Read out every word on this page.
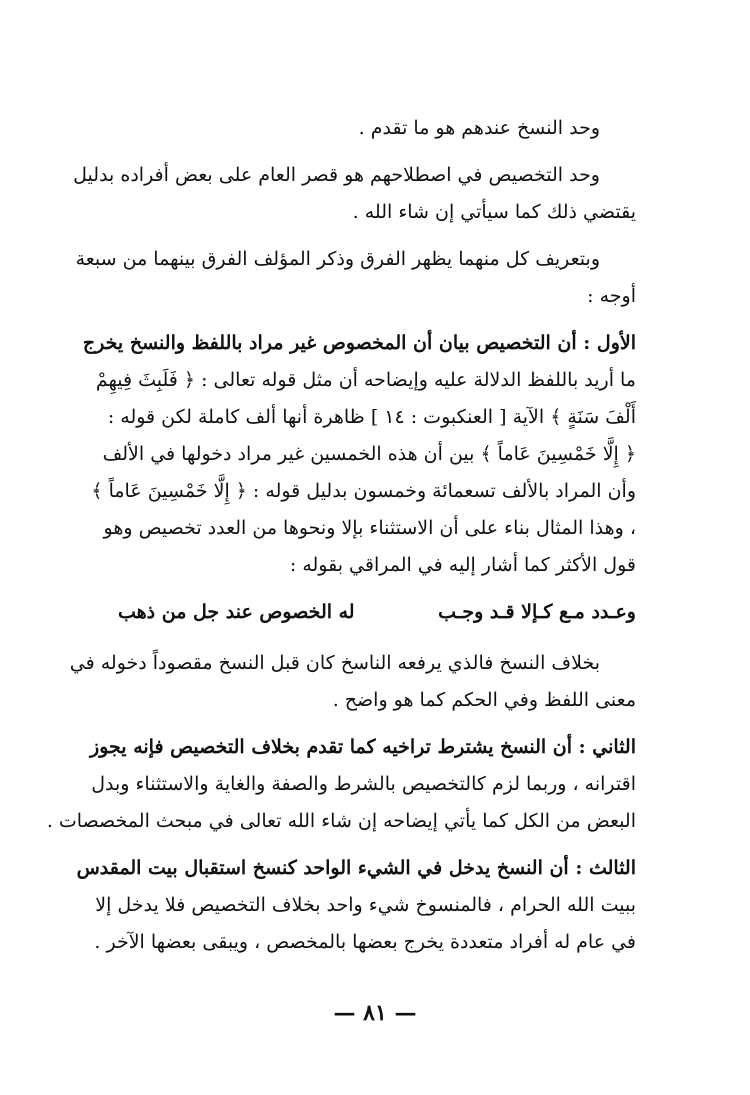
وحد النسخ عندهم هو ما تقدم .
وحد التخصيص في اصطلاحهم هو قصر العام على بعض أفراده بدليل
يقتضي ذلك كما سيأتي إن شاء الله .
وبتعريف كل منهما يظهر الفرق وذكر المؤلف الفرق بينهما من سبعة
أوجه :
الأول : أن التخصيص بيان أن المخصوص غير مراد باللفظ والنسخ يخرج
ما أريد باللفظ الدلالة عليه وإيضاحه أن مثل قوله تعالى : ﴿ فَلَبِثَ فِيهِمْ
أَلْفَ سَنَةٍ ﴾ الآية [ العنكبوت : ١٤ ] ظاهرة أنها ألف كاملة لكن قوله :
﴿ إِلَّا خَمْسِينَ عَاماً ﴾ بين أن هذه الخمسين غير مراد دخولها في الألف
وأن المراد بالألف تسعمائة وخمسون بدليل قوله : ﴿ إِلَّا خَمْسِينَ عَاماً ﴾
، وهذا المثال بناء على أن الاستثناء بإلا ونحوها من العدد تخصيص وهو
قول الأكثر كما أشار إليه في المراقي بقوله :
وعـدد مـع كـإلا قـد وجـب
له الخصوص عند جل من ذهب
بخلاف النسخ فالذي يرفعه الناسخ كان قبل النسخ مقصوداً دخوله في
معنى اللفظ وفي الحكم كما هو واضح .
الثاني : أن النسخ يشترط تراخيه كما تقدم بخلاف التخصيص فإنه يجوز
اقترانه ، وربما لزم كالتخصيص بالشرط والصفة والغاية والاستثناء وبدل
البعض من الكل كما يأتي إيضاحه إن شاء الله تعالى في مبحث المخصصات .
الثالث : أن النسخ يدخل في الشيء الواحد كنسخ استقبال بيت المقدس
ببيت الله الحرام ، فالمنسوخ شيء واحد بخلاف التخصيص فلا يدخل إلا
في عام له أفراد متعددة يخرج بعضها بالمخصص ، ويبقى بعضها الآخر .
— ٨١ —
